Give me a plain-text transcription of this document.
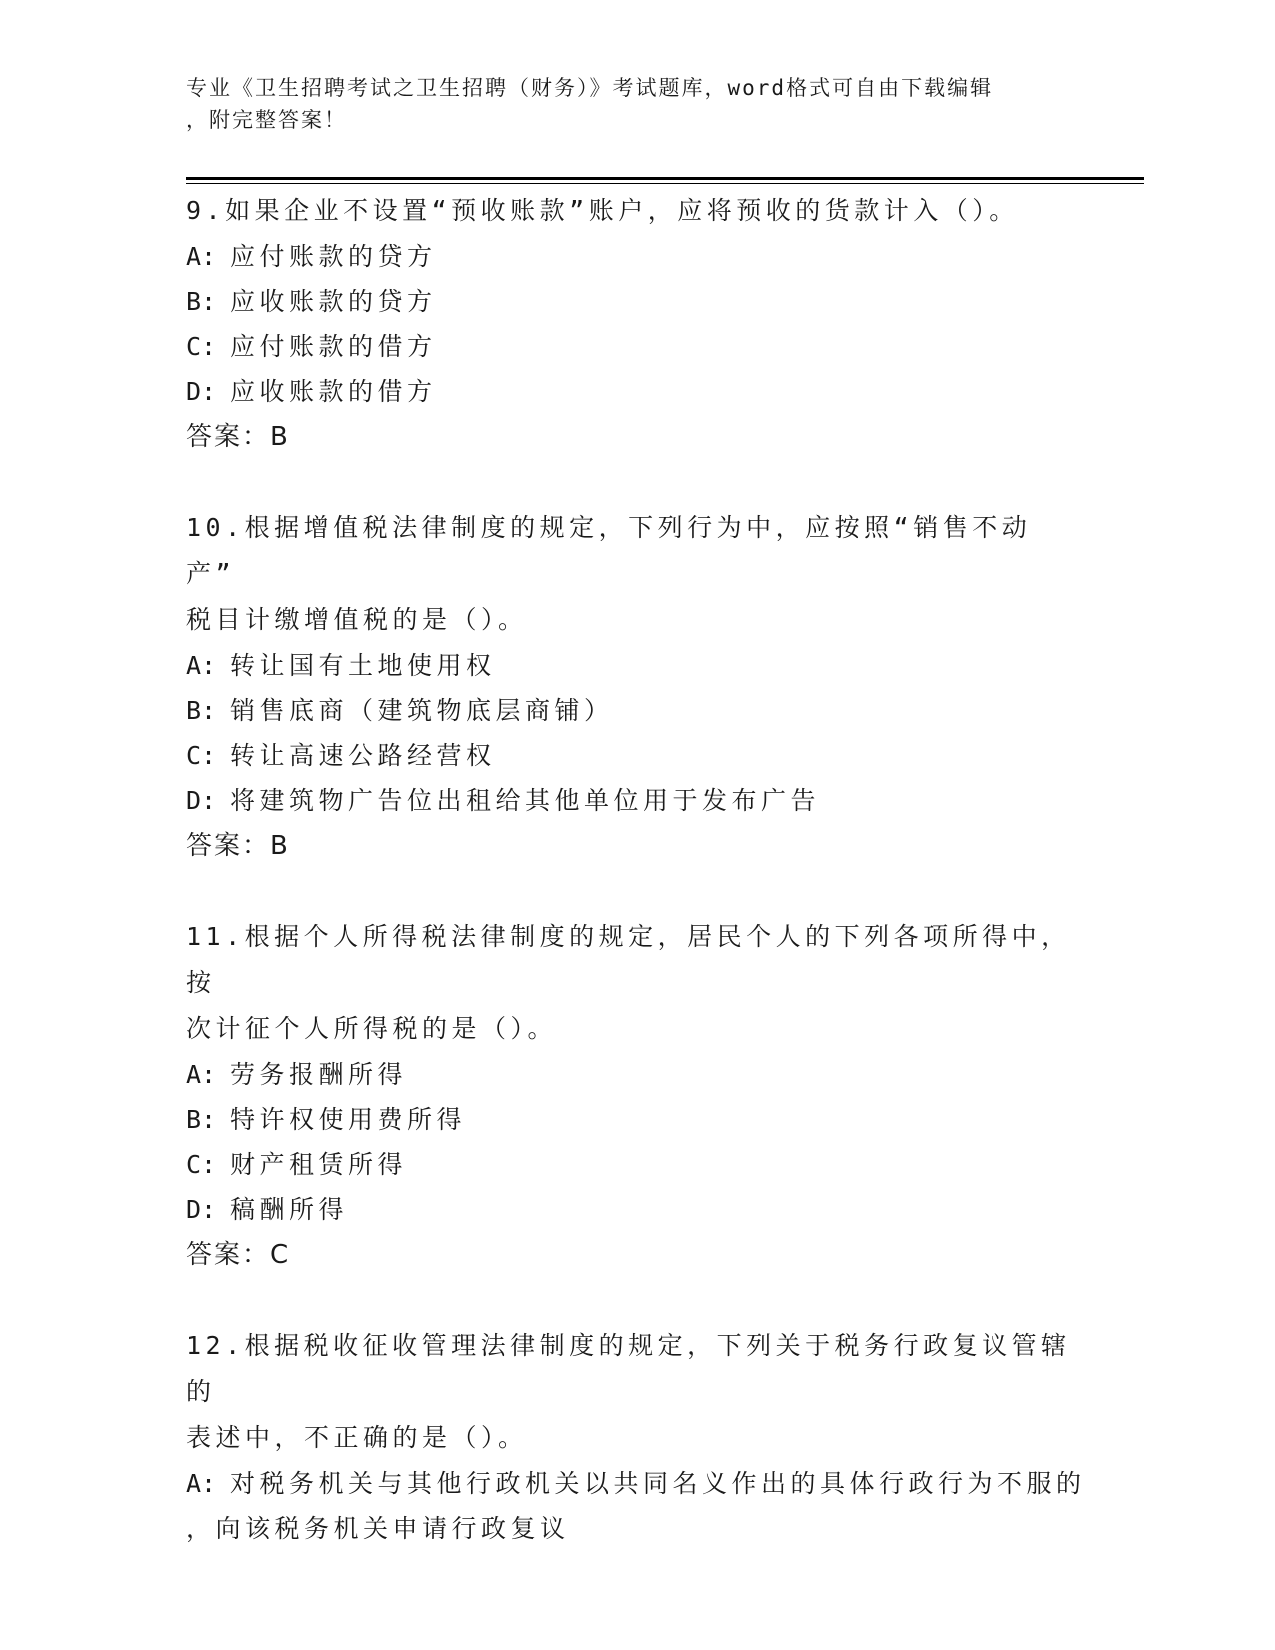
专业《卫生招聘考试之卫生招聘（财务）》考试题库，word格式可自由下载编辑
，附完整答案！
9.如果企业不设置“预收账款”账户，应将预收的货款计入（）。
A: 应付账款的贷方
B: 应收账款的贷方
C: 应付账款的借方
D: 应收账款的借方
答案：B
10.根据增值税法律制度的规定，下列行为中，应按照“销售不动产”
税目计缴增值税的是（）。
A: 转让国有土地使用权
B: 销售底商（建筑物底层商铺）
C: 转让高速公路经营权
D: 将建筑物广告位出租给其他单位用于发布广告
答案：B
11.根据个人所得税法律制度的规定，居民个人的下列各项所得中，按
次计征个人所得税的是（）。
A: 劳务报酬所得
B: 特许权使用费所得
C: 财产租赁所得
D: 稿酬所得
答案：C
12.根据税收征收管理法律制度的规定，下列关于税务行政复议管辖的
表述中，不正确的是（）。
A: 对税务机关与其他行政机关以共同名义作出的具体行政行为不服的
，向该税务机关申请行政复议
